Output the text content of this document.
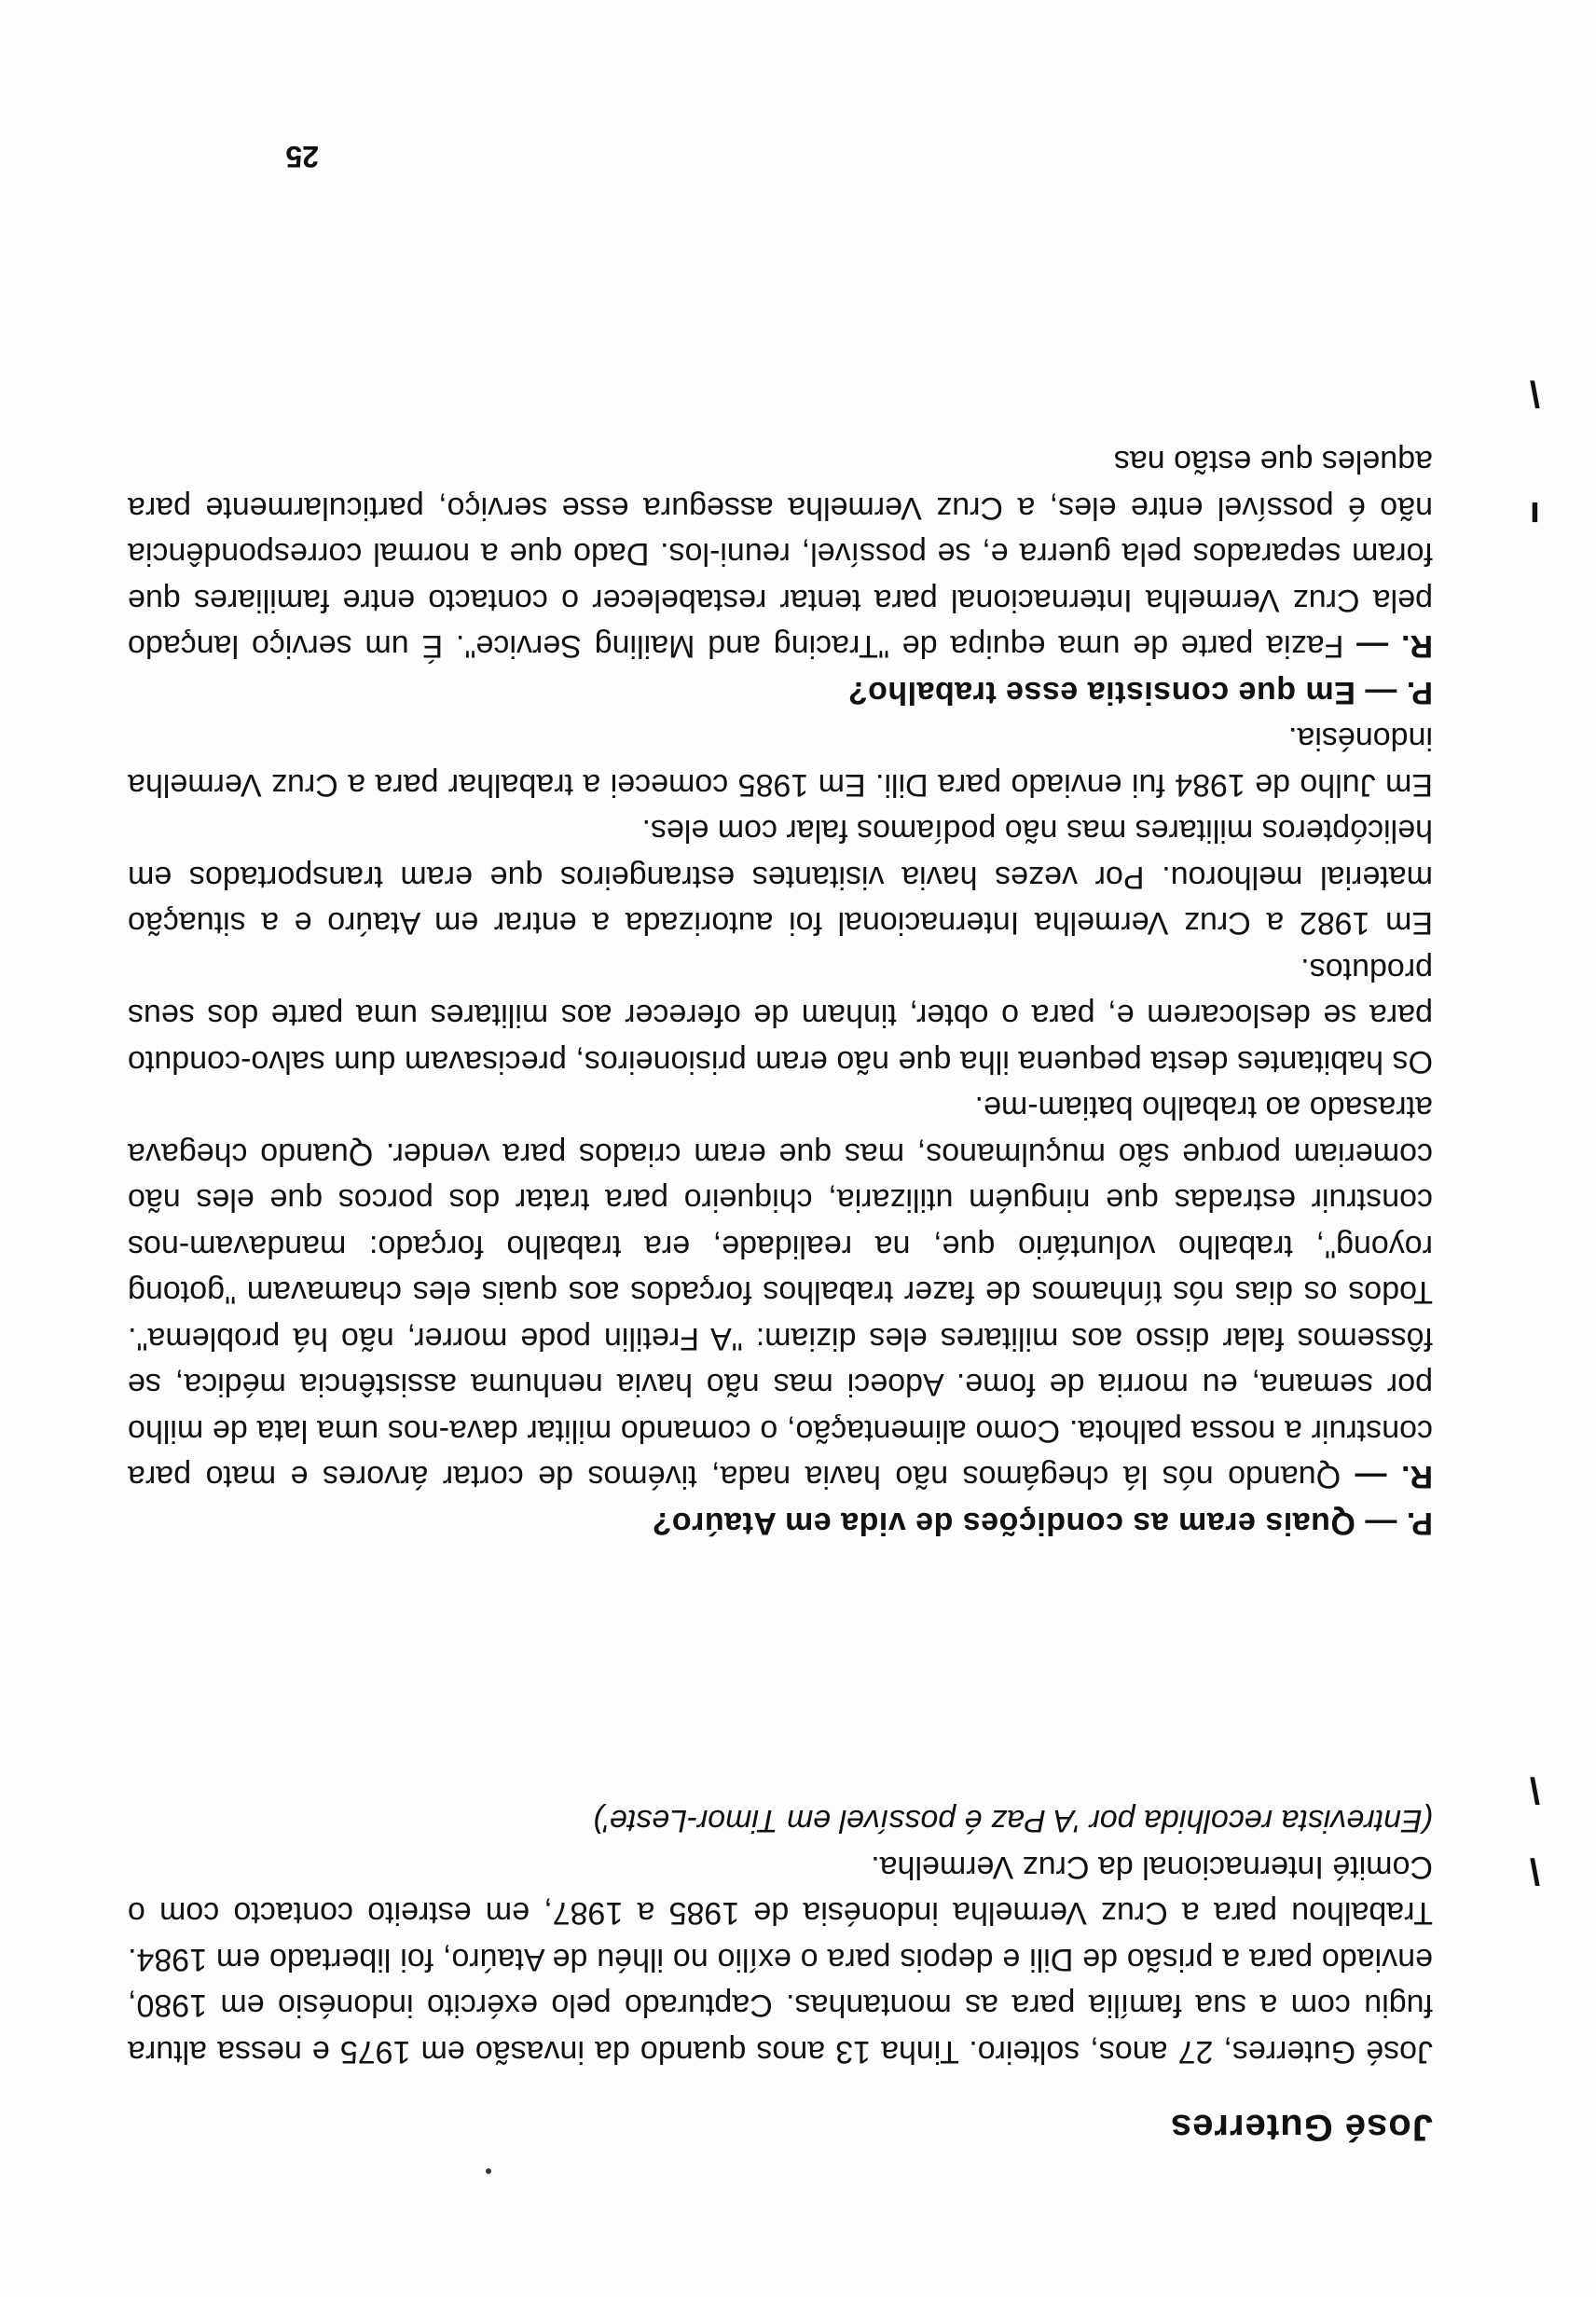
José Guterres

José Guterres, 27 anos, solteiro. Tinha 13 anos quando da invasão em 1975 e nessa altura fugiu com a sua família para as montanhas. Capturado pelo exército indonésio em 1980, enviado para a prisão de Dili e depois para o exílio no ilhéu de Ataúro, foi libertado em 1984. Trabalhou para a Cruz Vermelha indonésia de 1985 a 1987, em estreito contacto com o Comité Internacional da Cruz Vermelha.

(Entrevista recolhida por 'A Paz é possível em Timor-Leste')

P. — Quais eram as condições de vida em Ataúro?

R. — Quando nós lá chegámos não havia nada, tivémos de cortar árvores e mato para construir a nossa palhota. Como alimentação, o comando militar dava-nos uma lata de milho por semana, eu morria de fome. Adoeci mas não havia nenhuma assistência médica, se fôssemos falar disso aos militares eles diziam: "A Fretilin pode morrer, não há problema". Todos os dias nós tínhamos de fazer trabalhos forçados aos quais eles chamavam "gotong royong", trabalho voluntário que, na realidade, era trabalho forçado: mandavam-nos construir estradas que ninguém utilizaria, chiqueiro para tratar dos porcos que eles não comeriam porque são muçulmanos, mas que eram criados para vender. Quando chegava atrasado ao trabalho batiam-me.

Os habitantes desta pequena ilha que não eram prisioneiros, precisavam dum salvo-conduto para se deslocarem e, para o obter, tinham de oferecer aos militares uma parte dos seus produtos.

Em 1982 a Cruz Vermelha Internacional foi autorizada a entrar em Ataúro e a situação material melhorou. Por vezes havia visitantes estrangeiros que eram transportados em helicópteros militares mas não podíamos falar com eles.

Em Julho de 1984 fui enviado para Dili. Em 1985 comecei a trabalhar para a Cruz Vermelha indonésia.

P. — Em que consistia esse trabalho?

R. — Fazia parte de uma equipa de "Tracing and Mailing Service". É um serviço lançado pela Cruz Vermelha Internacional para tentar restabelecer o contacto entre familiares que foram separados pela guerra e, se possível, reuni-los. Dado que a normal correspondência não é possível entre eles, a Cruz Vermelha assegura esse serviço, particularmente para aqueles que estão nas

25
\
\
ı
\
